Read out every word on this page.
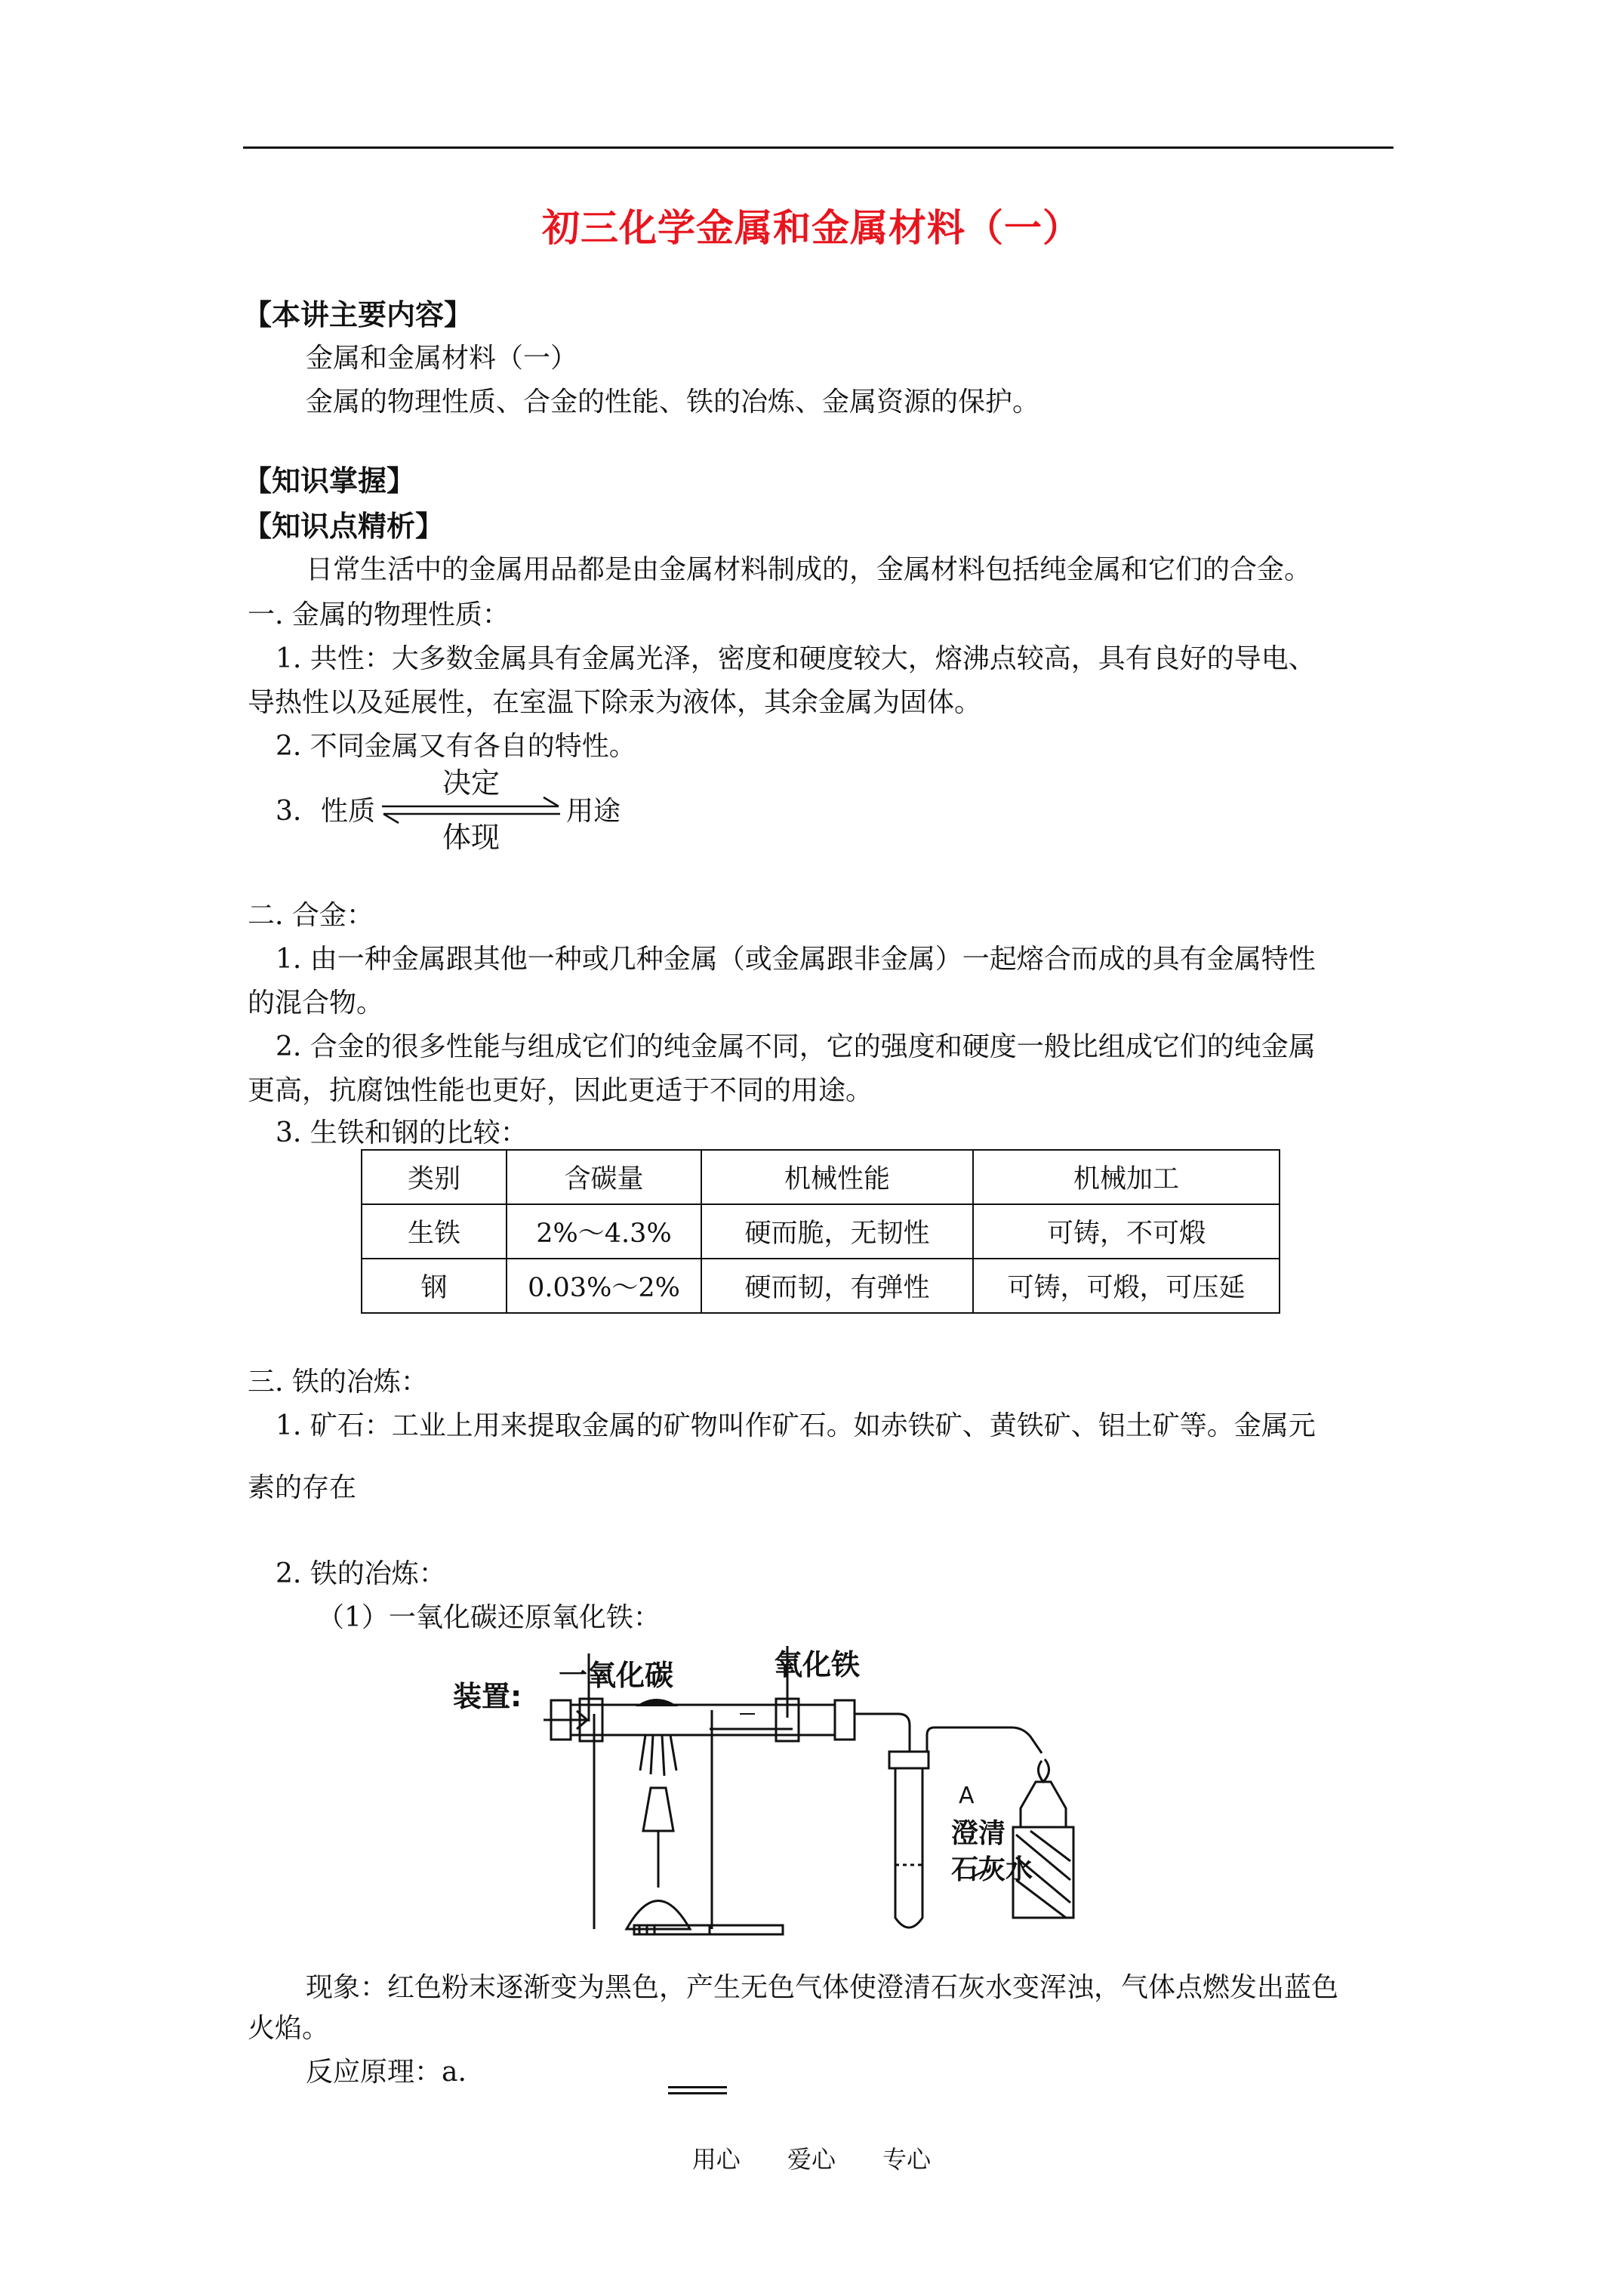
初三化学金属和金属材料（一）
【本讲主要内容】
金属和金属材料（一）
金属的物理性质、合金的性能、铁的冶炼、金属资源的保护。
【知识掌握】
【知识点精析】
日常生活中的金属用品都是由金属材料制成的，金属材料包括纯金属和它们的合金。
一. 金属的物理性质：
1. 共性：大多数金属具有金属光泽，密度和硬度较大，熔沸点较高，具有良好的导电、
导热性以及延展性，在室温下除汞为液体，其余金属为固体。
2. 不同金属又有各自的特性。
3. 性质
决定
体现
用途
二. 合金：
1. 由一种金属跟其他一种或几种金属（或金属跟非金属）一起熔合而成的具有金属特性
的混合物。
2. 合金的很多性能与组成它们的纯金属不同，它的强度和硬度一般比组成它们的纯金属
更高，抗腐蚀性能也更好，因此更适于不同的用途。
3. 生铁和钢的比较：
类别	含碳量	机械性能	机械加工
生铁	2%～4.3%	硬而脆，无韧性	可铸，不可煅
钢	0.03%～2%	硬而韧，有弹性	可铸，可煅，可压延
三. 铁的冶炼：
1. 矿石：工业上用来提取金属的矿物叫作矿石。如赤铁矿、黄铁矿、铝土矿等。金属元
素的存在
2. 铁的冶炼：
（1）一氧化碳还原氧化铁：
装置:
一氧化碳	氧化铁
A
澄清
石灰水
现象：红色粉末逐渐变为黑色，产生无色气体使澄清石灰水变浑浊，气体点燃发出蓝色
火焰。
反应原理：a.
用心 爱心 专心
